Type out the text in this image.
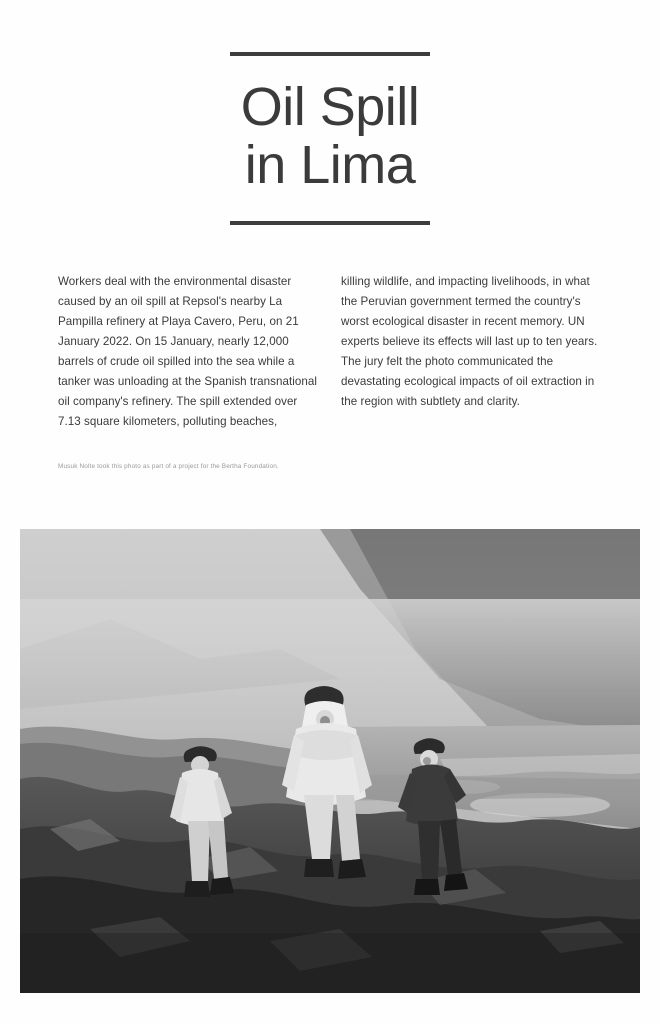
Oil Spill
in Lima

Workers deal with the environmental disaster caused by an oil spill at Repsol's nearby La Pampilla refinery at Playa Cavero, Peru, on 21 January 2022. On 15 January, nearly 12,000 barrels of crude oil spilled into the sea while a tanker was unloading at the Spanish transnational oil company's refinery. The spill extended over 7.13 square kilometers, polluting beaches,

killing wildlife, and impacting livelihoods, in what the Peruvian government termed the country's worst ecological disaster in recent memory. UN experts believe its effects will last up to ten years. The jury felt the photo communicated the devastating ecological impacts of oil extraction in the region with subtlety and clarity.

Musuk Nolte took this photo as part of a project for the Bertha Foundation.
